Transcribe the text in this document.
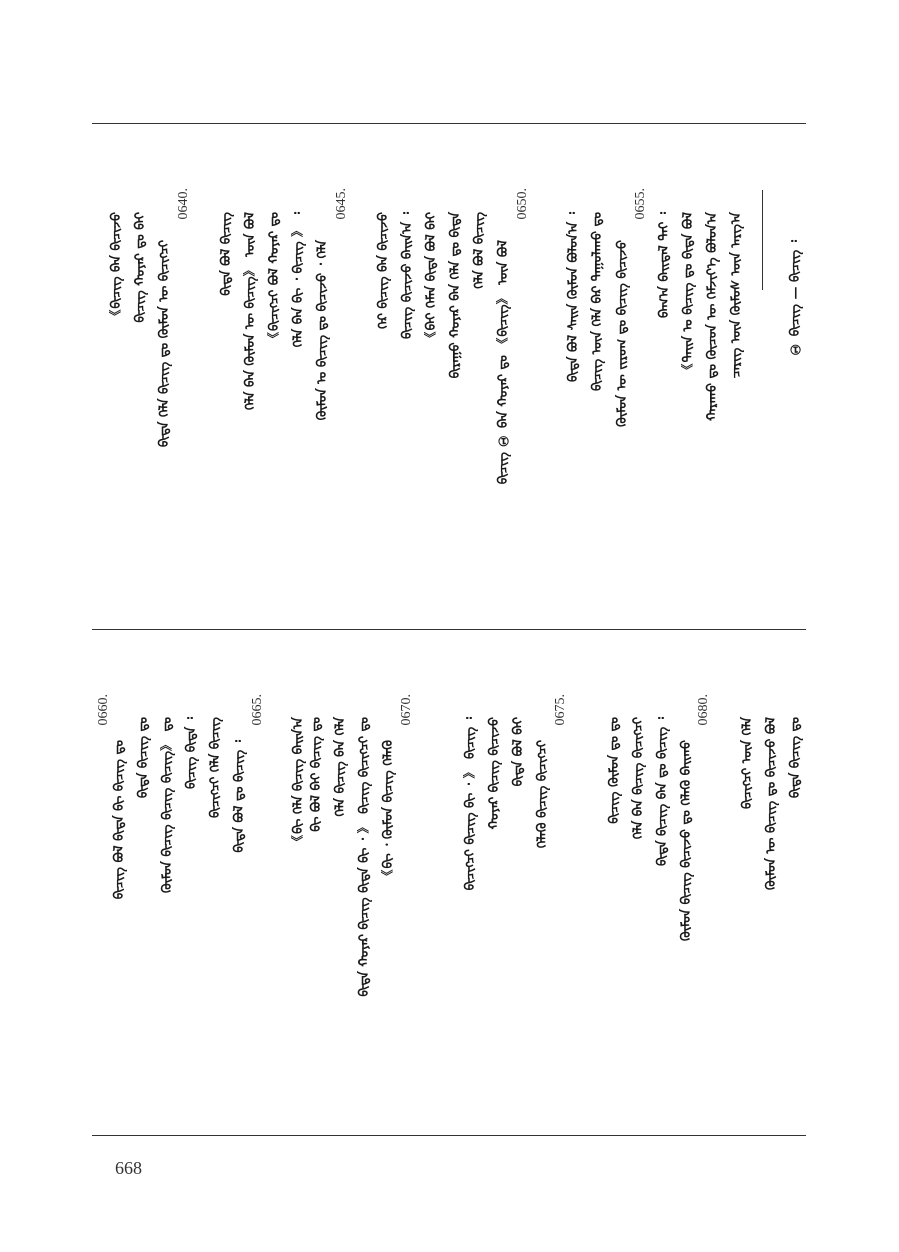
① ᠪᠢᠴᠢᠭ — ᠪᠢᠴᠢᠭ ᠄
ᠴᠡᠷᠢᠭ ᠦᠨ ᠬᠦᠮᠦᠰ ᠦᠨ ᠠᠷᠭ᠎ᠠ
ᠬᠠᠷᠠᠬᠣ ᠳᠤ ᠬᠦᠴᠦᠨ ᠦ ᠬᠡᠮᠵᠢᠶ᠎ᠡ ᠪᠣᠯᠤᠨ᠎ᠠ
《ᠳᠠᠢᠨ ᠤ ᠪᠢᠴᠢᠭ ᠳᠤ ᠪᠢᠳᠡ ᠪᠣᠯ
ᠪᠠᠭ᠎ᠠ ᠪᠠᠢᠳᠠᠯ ᠲᠠᠢ ᠄
0655.
ᠬᠦᠮᠦᠨ ᠦ ᠵᠢᠷᠤᠭ ᠳᠤ ᠪᠢᠴᠢᠭ ᠪᠢᠴᠢᠵᠦ
ᠪᠢᠴᠢᠭ ᠦᠨ ᠬᠡᠯᠡ ᠪᠡᠷ ᠳᠠᠭᠤᠯᠠᠬᠤ ᠳᠤ
ᠪᠢᠳᠡ ᠪᠣᠯ ᠰᠠᠢᠨ ᠬᠦᠮᠦᠨ ᠪᠣᠯᠤᠨ᠎ᠠ ᠄
0650.
ᠪᠢᠴᠢᠭ ① ᠪᠠᠨ ᠬᠣᠶᠠᠷ ᠳᠤ 《ᠪᠢᠴᠢᠭ》 ᠦᠨ ᠪᠣᠯ
ᠬᠡᠯᠡ ᠪᠣᠯ ᠪᠢᠴᠢᠭ
ᠪᠢᠷᠠᠭᠤ ᠬᠣᠶᠠᠷ ᠪᠠᠨ ᠬᠡᠯᠡ ᠳᠤ ᠪᠢᠳᠡ
《ᠪᠠᠢ ᠬᠡᠮᠡᠨ ᠪᠢᠳᠡ ᠪᠣᠯ ᠪᠠᠢ
ᠪᠢᠴᠢᠭ ᠪᠢᠴᠢᠵᠦ ᠪᠠᠢᠨ᠎ᠠ ᠄
ᠭᠡᠷ ᠪᠢᠴᠢᠭ ᠪᠡᠨ ᠪᠢᠴᠢᠵᠦ
0645.
ᠬᠦᠮᠦᠨ ᠤ ᠪᠢᠴᠢᠭ ᠳᠤ ᠪᠢᠴᠢᠵᠦ ᠂ ᠬᠡᠯᠡ
ᠬᠡᠯᠡ ᠪᠠᠨ ᠪᠢ ᠂ ᠪᠢᠴᠢᠭ 》 ᠄
《ᠪᠢᠴᠢᠭᠴᠢ ᠪᠣᠯ ᠬᠣᠶᠠᠷ ᠳᠤ
ᠬᠡᠯᠡ ᠪᠠᠨ ᠬᠦᠮᠦᠨ ᠦ ᠪᠢᠴᠢᠭ》 ᠦᠨ ᠪᠣᠯ
ᠪᠢᠳᠡ ᠪᠣᠯ ᠪᠢᠴᠢᠭ
0640.
ᠪᠢᠳᠡ ᠬᠡᠯᠡ ᠪᠢᠴᠢᠭ ᠳᠤ ᠬᠦᠮᠦᠨ ᠦ ᠪᠢᠴᠢᠭᠴᠢ
ᠪᠢᠴᠢᠭ ᠬᠣᠶᠠᠷ ᠳᠤ ᠪᠠᠢ
《ᠪᠢᠴᠢᠭ ᠪᠠᠨ ᠪᠢᠴᠢᠵᠦ
ᠪᠢᠳᠡ ᠪᠢᠴᠢᠭ ᠳᠤ
ᠬᠦᠮᠦᠨ ᠦ ᠪᠢᠴᠢᠭ ᠳᠤ ᠪᠢᠴᠢᠵᠦ ᠪᠣᠯ
ᠪᠢᠴᠢᠭᠴᠢ ᠦᠨ ᠬᠡᠯᠡ
0680.
ᠬᠦᠮᠦᠨ ᠪᠢᠴᠢᠭ ᠪᠢᠴᠢᠵᠦ ᠳᠤ ᠬᠡᠯᠡᠬᠦ ᠪᠠᠢᠬᠤ
ᠪᠢᠳᠡ ᠪᠢᠴᠢᠭ ᠪᠠᠨ ᠳᠤ ᠪᠢᠴᠢᠭ ᠄
ᠬᠡᠯᠡ ᠪᠠᠨ ᠪᠢᠴᠢᠭ ᠪᠢᠴᠢᠭᠴᠢ
ᠪᠢᠴᠢᠭ ᠬᠦᠮᠦᠨ ᠳᠤ ᠳᠤ
0675.
ᠬᠡᠯᠡᠬᠦ ᠪᠢᠴᠢᠭ ᠪᠢᠴᠢᠭᠴᠢ
ᠪᠢᠳᠡ ᠪᠣᠯ ᠪᠠᠢ
ᠬᠣᠶᠠᠷ ᠪᠢᠴᠢᠭ ᠪᠢᠴᠢᠵᠦ
ᠪᠢᠴᠢᠭᠴᠢ ᠪᠢᠴᠢᠭ ᠪᠢ ᠂ 》 ᠪᠢᠴᠢᠭ ᠄
0670.
《ᠪᠢ ᠂ ᠬᠦᠮᠦᠨ ᠪᠢᠴᠢᠭ ᠬᠡᠯᠡᠬᠦ
ᠪᠢᠳᠡ ᠬᠣᠶᠠᠷ ᠪᠢᠴᠢᠭ ᠪᠢᠳᠡ ᠪᠢ ᠂ 》 ᠪᠢᠴᠢᠭ ᠪᠢᠴᠢᠭᠴᠢ ᠳᠤ
ᠬᠡᠯᠡ ᠪᠢᠴᠢᠭ ᠪᠠᠨ ᠬᠡᠯᠡ
ᠪᠢ ᠪᠣᠯ ᠪᠠᠢ ᠪᠢᠴᠢᠭ ᠳᠤ
0665.
《ᠪᠢ ᠬᠡᠯᠡ ᠪᠢᠴᠢᠭ ᠪᠠᠢᠨ᠎ᠠ
ᠪᠢᠳᠡ ᠪᠣᠯ ᠳᠤ ᠪᠢᠴᠢᠭ ᠄
ᠪᠢᠴᠢᠭᠴᠢ ᠬᠡᠯᠡ ᠪᠢᠴᠢᠭ
ᠪᠢᠴᠢᠭ ᠪᠢᠳᠡ ᠄
ᠬᠦᠮᠦᠨ ᠪᠢᠴᠢᠭ ᠪᠢᠴᠢᠭ ᠪᠢᠴᠢᠭ》 ᠳᠤ
ᠪᠢᠳᠡ ᠪᠢᠴᠢᠭ ᠳᠤ
0660.
ᠪᠢᠴᠢᠭ ᠪᠣᠯ ᠪᠢᠳᠡ ᠪᠢ ᠪᠢᠴᠢᠭ ᠳᠤ
668
